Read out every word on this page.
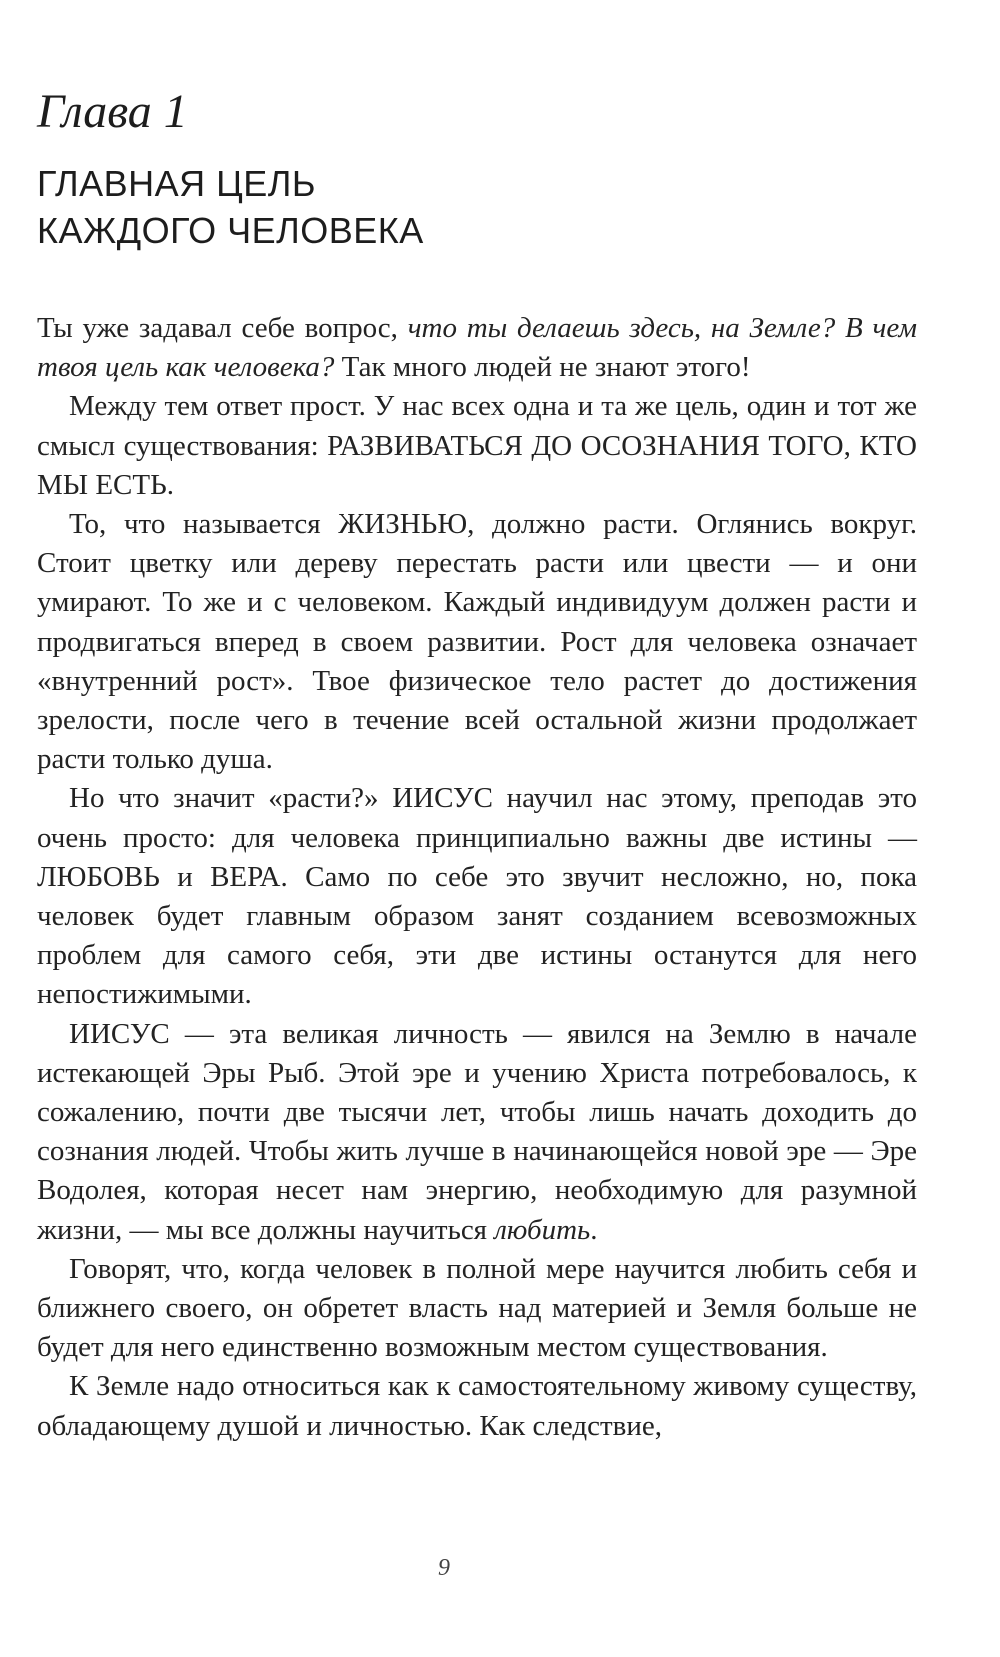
Глава 1
ГЛАВНАЯ ЦЕЛЬ
КАЖДОГО ЧЕЛОВЕКА

Ты уже задавал себе вопрос, что ты делаешь здесь, на Земле? В чем твоя цель как человека? Так много людей не знают этого!

Между тем ответ прост. У нас всех одна и та же цель, один и тот же смысл существования: РАЗВИВАТЬСЯ ДО ОСОЗНАНИЯ ТОГО, КТО МЫ ЕСТЬ.

То, что называется ЖИЗНЬЮ, должно расти. Оглянись вокруг. Стоит цветку или дереву перестать расти или цвести — и они умирают. То же и с человеком. Каждый индивидуум должен расти и продвигаться вперед в своем развитии. Рост для человека означает «внутренний рост». Твое физическое тело растет до достижения зрелости, после чего в течение всей остальной жизни продолжает расти только душа.

Но что значит «расти?» ИИСУС научил нас этому, преподав это очень просто: для человека принципиально важны две истины — ЛЮБОВЬ и ВЕРА. Само по себе это звучит несложно, но, пока человек будет главным образом занят созданием всевозможных проблем для самого себя, эти две истины останутся для него непостижимыми.

ИИСУС — эта великая личность — явился на Землю в начале истекающей Эры Рыб. Этой эре и учению Христа потребовалось, к сожалению, почти две тысячи лет, чтобы лишь начать доходить до сознания людей. Чтобы жить лучше в начинающейся новой эре — Эре Водолея, которая несет нам энергию, необходимую для разумной жизни, — мы все должны научиться любить.

Говорят, что, когда человек в полной мере научится любить себя и ближнего своего, он обретет власть над материей и Земля больше не будет для него единственно возможным местом существования.

К Земле надо относиться как к самостоятельному живому существу, обладающему душой и личностью. Как следствие,

9
